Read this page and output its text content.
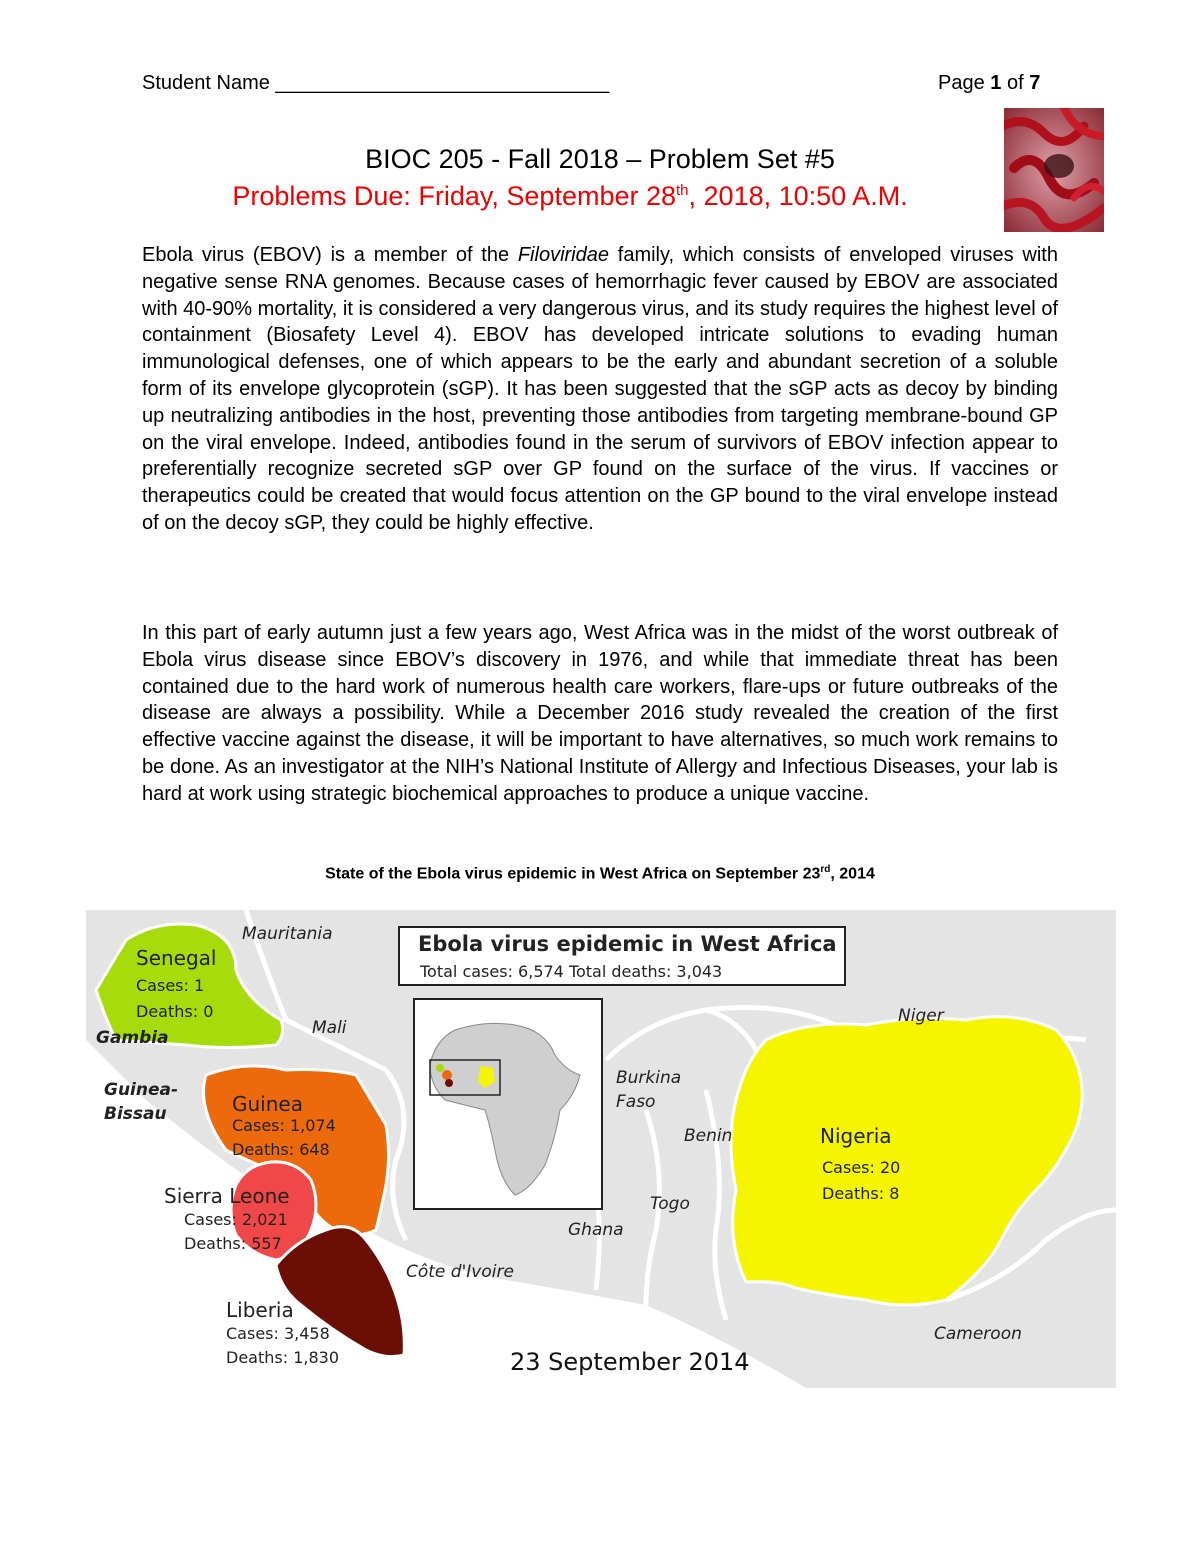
Student Name ______________________________	Page 1 of 7
BIOC 205 - Fall 2018 – Problem Set #5
Problems Due: Friday, September 28th, 2018, 10:50 A.M.
Ebola virus (EBOV) is a member of the Filoviridae family, which consists of enveloped viruses with negative sense RNA genomes. Because cases of hemorrhagic fever caused by EBOV are associated with 40-90% mortality, it is considered a very dangerous virus, and its study requires the highest level of containment (Biosafety Level 4). EBOV has developed intricate solutions to evading human immunological defenses, one of which appears to be the early and abundant secretion of a soluble form of its envelope glycoprotein (sGP). It has been suggested that the sGP acts as decoy by binding up neutralizing antibodies in the host, preventing those antibodies from targeting membrane-bound GP on the viral envelope. Indeed, antibodies found in the serum of survivors of EBOV infection appear to preferentially recognize secreted sGP over GP found on the surface of the virus. If vaccines or therapeutics could be created that would focus attention on the GP bound to the viral envelope instead of on the decoy sGP, they could be highly effective.
In this part of early autumn just a few years ago, West Africa was in the midst of the worst outbreak of Ebola virus disease since EBOV’s discovery in 1976, and while that immediate threat has been contained due to the hard work of numerous health care workers, flare-ups or future outbreaks of the disease are always a possibility. While a December 2016 study revealed the creation of the first effective vaccine against the disease, it will be important to have alternatives, so much work remains to be done. As an investigator at the NIH’s National Institute of Allergy and Infectious Diseases, your lab is hard at work using strategic biochemical approaches to produce a unique vaccine.
State of the Ebola virus epidemic in West Africa on September 23rd, 2014
Ebola virus epidemic in West Africa
Total cases: 6,574 Total deaths: 3,043
Mauritania
Mali
Gambia
Guinea-
Bissau
Burkina
Faso
Benin
Togo
Ghana
Côte d'Ivoire
Niger
Cameroon
Senegal
Cases: 1
Deaths: 0
Guinea
Cases: 1,074
Deaths: 648
Sierra Leone
Cases: 2,021
Deaths: 557
Liberia
Cases: 3,458
Deaths: 1,830
Nigeria
Cases: 20
Deaths: 8
23 September 2014
